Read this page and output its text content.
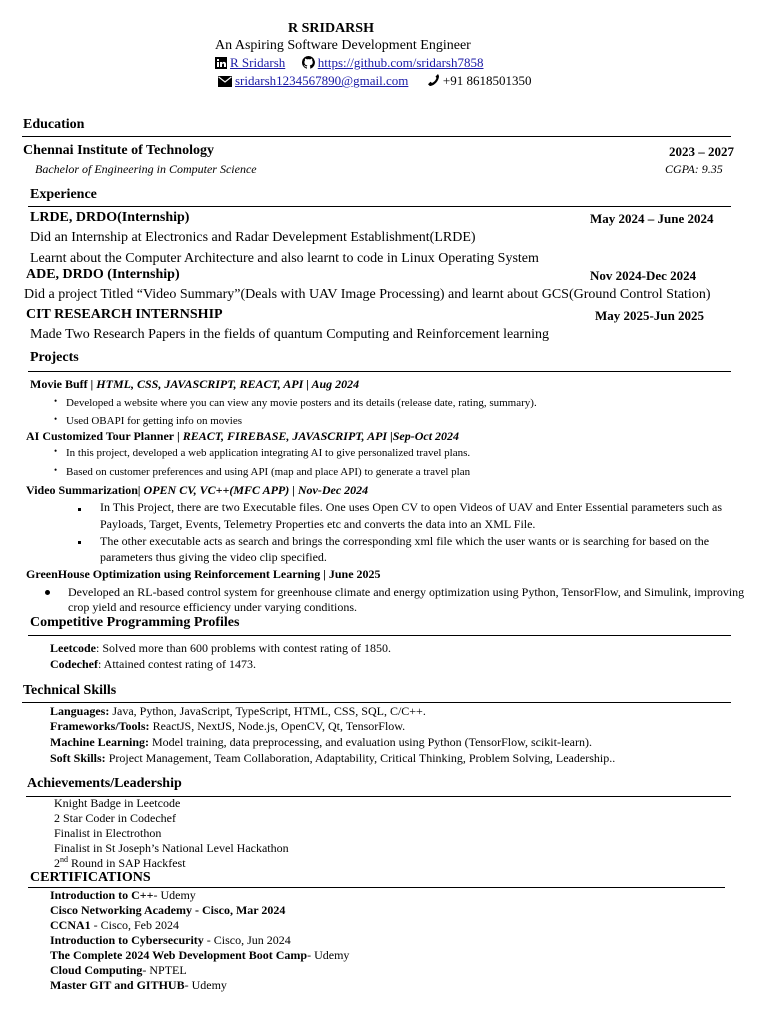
R SRIDARSH
An Aspiring Software Development Engineer
R Sridarsh	https://github.com/sridarsh7858
sridarsh1234567890@gmail.com	+91 8618501350
Education
Chennai Institute of Technology	2023 – 2027
Bachelor of Engineering in Computer Science	CGPA: 9.35
Experience
LRDE, DRDO(Internship)	May 2024 – June 2024
Did an Internship at Electronics and Radar Develepment Establishment(LRDE)
Learnt about the Computer Architecture and also learnt to code in Linux Operating System
ADE, DRDO (Internship)	Nov 2024-Dec 2024
Did a project Titled “Video Summary”(Deals with UAV Image Processing) and learnt about GCS(Ground Control Station)
CIT RESEARCH INTERNSHIP	May 2025-Jun 2025
Made Two Research Papers in the fields of quantum Computing and Reinforcement learning
Projects
Movie Buff | HTML, CSS, JAVASCRIPT, REACT, API | Aug 2024
• Developed a website where you can view any movie posters and its details (release date, rating, summary).
• Used OBAPI for getting info on movies
AI Customized Tour Planner | REACT, FIREBASE, JAVASCRIPT, API |Sep-Oct 2024
• In this project, developed a web application integrating AI to give personalized travel plans.
• Based on customer preferences and using API (map and place API) to generate a travel plan
Video Summarization| OPEN CV, VC++(MFC APP) | Nov-Dec 2024
In This Project, there are two Executable files. One uses Open CV to open Videos of UAV and Enter Essential parameters such as
Payloads, Target, Events, Telemetry Properties etc and converts the data into an XML File.
The other executable acts as search and brings the corresponding xml file which the user wants or is searching for based on the
parameters thus giving the video clip specified.
GreenHouse Optimization using Reinforcement Learning | June 2025
Developed an RL-based control system for greenhouse climate and energy optimization using Python, TensorFlow, and Simulink, improving
crop yield and resource efficiency under varying conditions.
Competitive Programming Profiles
Leetcode: Solved more than 600 problems with contest rating of 1850.
Codechef: Attained contest rating of 1473.
Technical Skills
Languages: Java, Python, JavaScript, TypeScript, HTML, CSS, SQL, C/C++.
Frameworks/Tools: ReactJS, NextJS, Node.js, OpenCV, Qt, TensorFlow.
Machine Learning: Model training, data preprocessing, and evaluation using Python (TensorFlow, scikit-learn).
Soft Skills: Project Management, Team Collaboration, Adaptability, Critical Thinking, Problem Solving, Leadership..
Achievements/Leadership
Knight Badge in Leetcode
2 Star Coder in Codechef
Finalist in Electrothon
Finalist in St Joseph’s National Level Hackathon
2nd Round in SAP Hackfest
CERTIFICATIONS
Introduction to C++- Udemy
Cisco Networking Academy - Cisco, Mar 2024
CCNA1 - Cisco, Feb 2024
Introduction to Cybersecurity - Cisco, Jun 2024
The Complete 2024 Web Development Boot Camp- Udemy
Cloud Computing- NPTEL
Master GIT and GITHUB- Udemy
